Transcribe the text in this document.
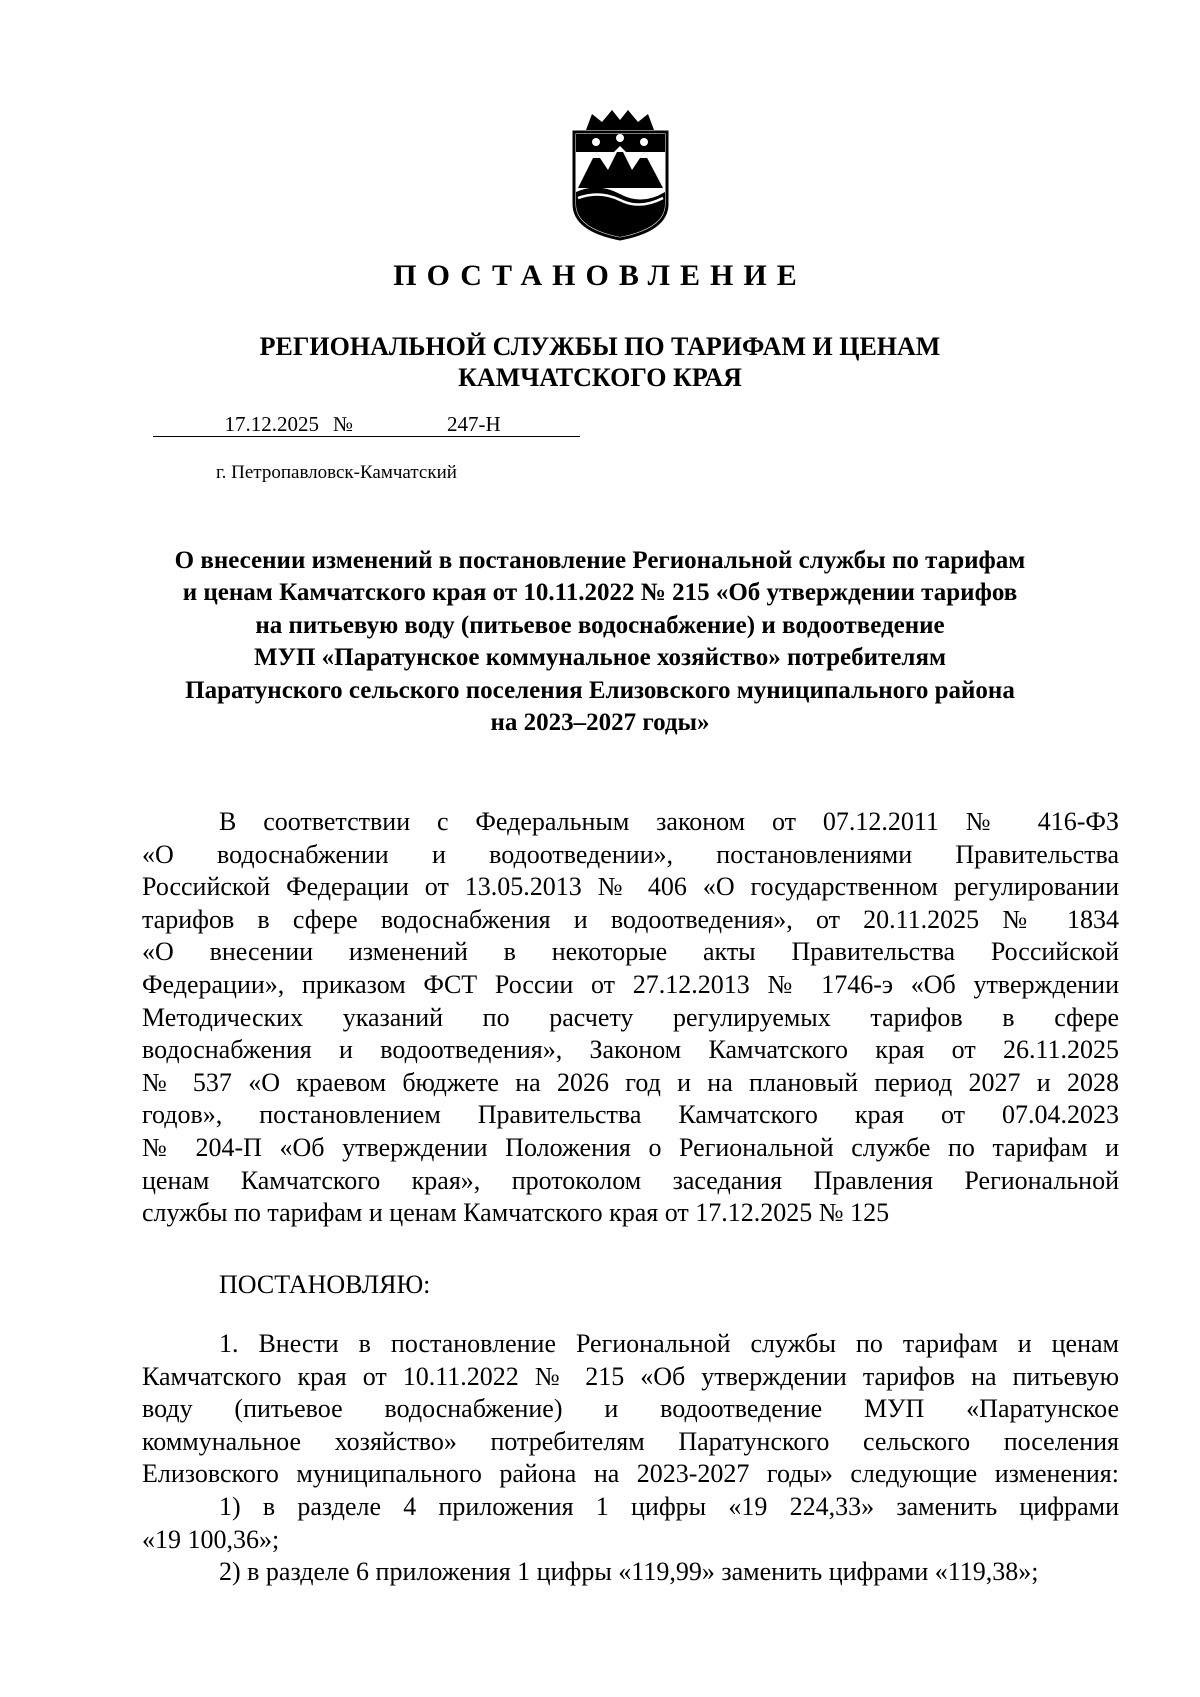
ПОСТАНОВЛЕНИЕ
РЕГИОНАЛЬНОЙ СЛУЖБЫ ПО ТАРИФАМ И ЦЕНАМ
КАМЧАТСКОГО КРАЯ
17.12.2025 №	247-Н
г. Петропавловск-Камчатский
О внесении изменений в постановление Региональной службы по тарифам
и ценам Камчатского края от 10.11.2022 № 215 «Об утверждении тарифов
на питьевую воду (питьевое водоснабжение) и водоотведение
МУП «Паратунское коммунальное хозяйство» потребителям
Паратунского сельского поселения Елизовского муниципального района
на 2023–2027 годы»
В соответствии с Федеральным законом от 07.12.2011 № 416-ФЗ
«О водоснабжении и водоотведении», постановлениями Правительства
Российской Федерации от 13.05.2013 № 406 «О государственном регулировании
тарифов в сфере водоснабжения и водоотведения», от 20.11.2025 № 1834
«О внесении изменений в некоторые акты Правительства Российской
Федерации», приказом ФСТ России от 27.12.2013 № 1746-э «Об утверждении
Методических указаний по расчету регулируемых тарифов в сфере
водоснабжения и водоотведения», Законом Камчатского края от 26.11.2025
№ 537 «О краевом бюджете на 2026 год и на плановый период 2027 и 2028
годов», постановлением Правительства Камчатского края от 07.04.2023
№ 204-П «Об утверждении Положения о Региональной службе по тарифам и
ценам Камчатского края», протоколом заседания Правления Региональной
службы по тарифам и ценам Камчатского края от 17.12.2025 № 125
ПОСТАНОВЛЯЮ:
1. Внести в постановление Региональной службы по тарифам и ценам
Камчатского края от 10.11.2022 № 215 «Об утверждении тарифов на питьевую
воду (питьевое водоснабжение) и водоотведение МУП «Паратунское
коммунальное хозяйство» потребителям Паратунского сельского поселения
Елизовского муниципального района на 2023-2027 годы» следующие изменения:
1) в разделе 4 приложения 1 цифры «19 224,33» заменить цифрами
«19 100,36»;
2) в разделе 6 приложения 1 цифры «119,99» заменить цифрами «119,38»;
